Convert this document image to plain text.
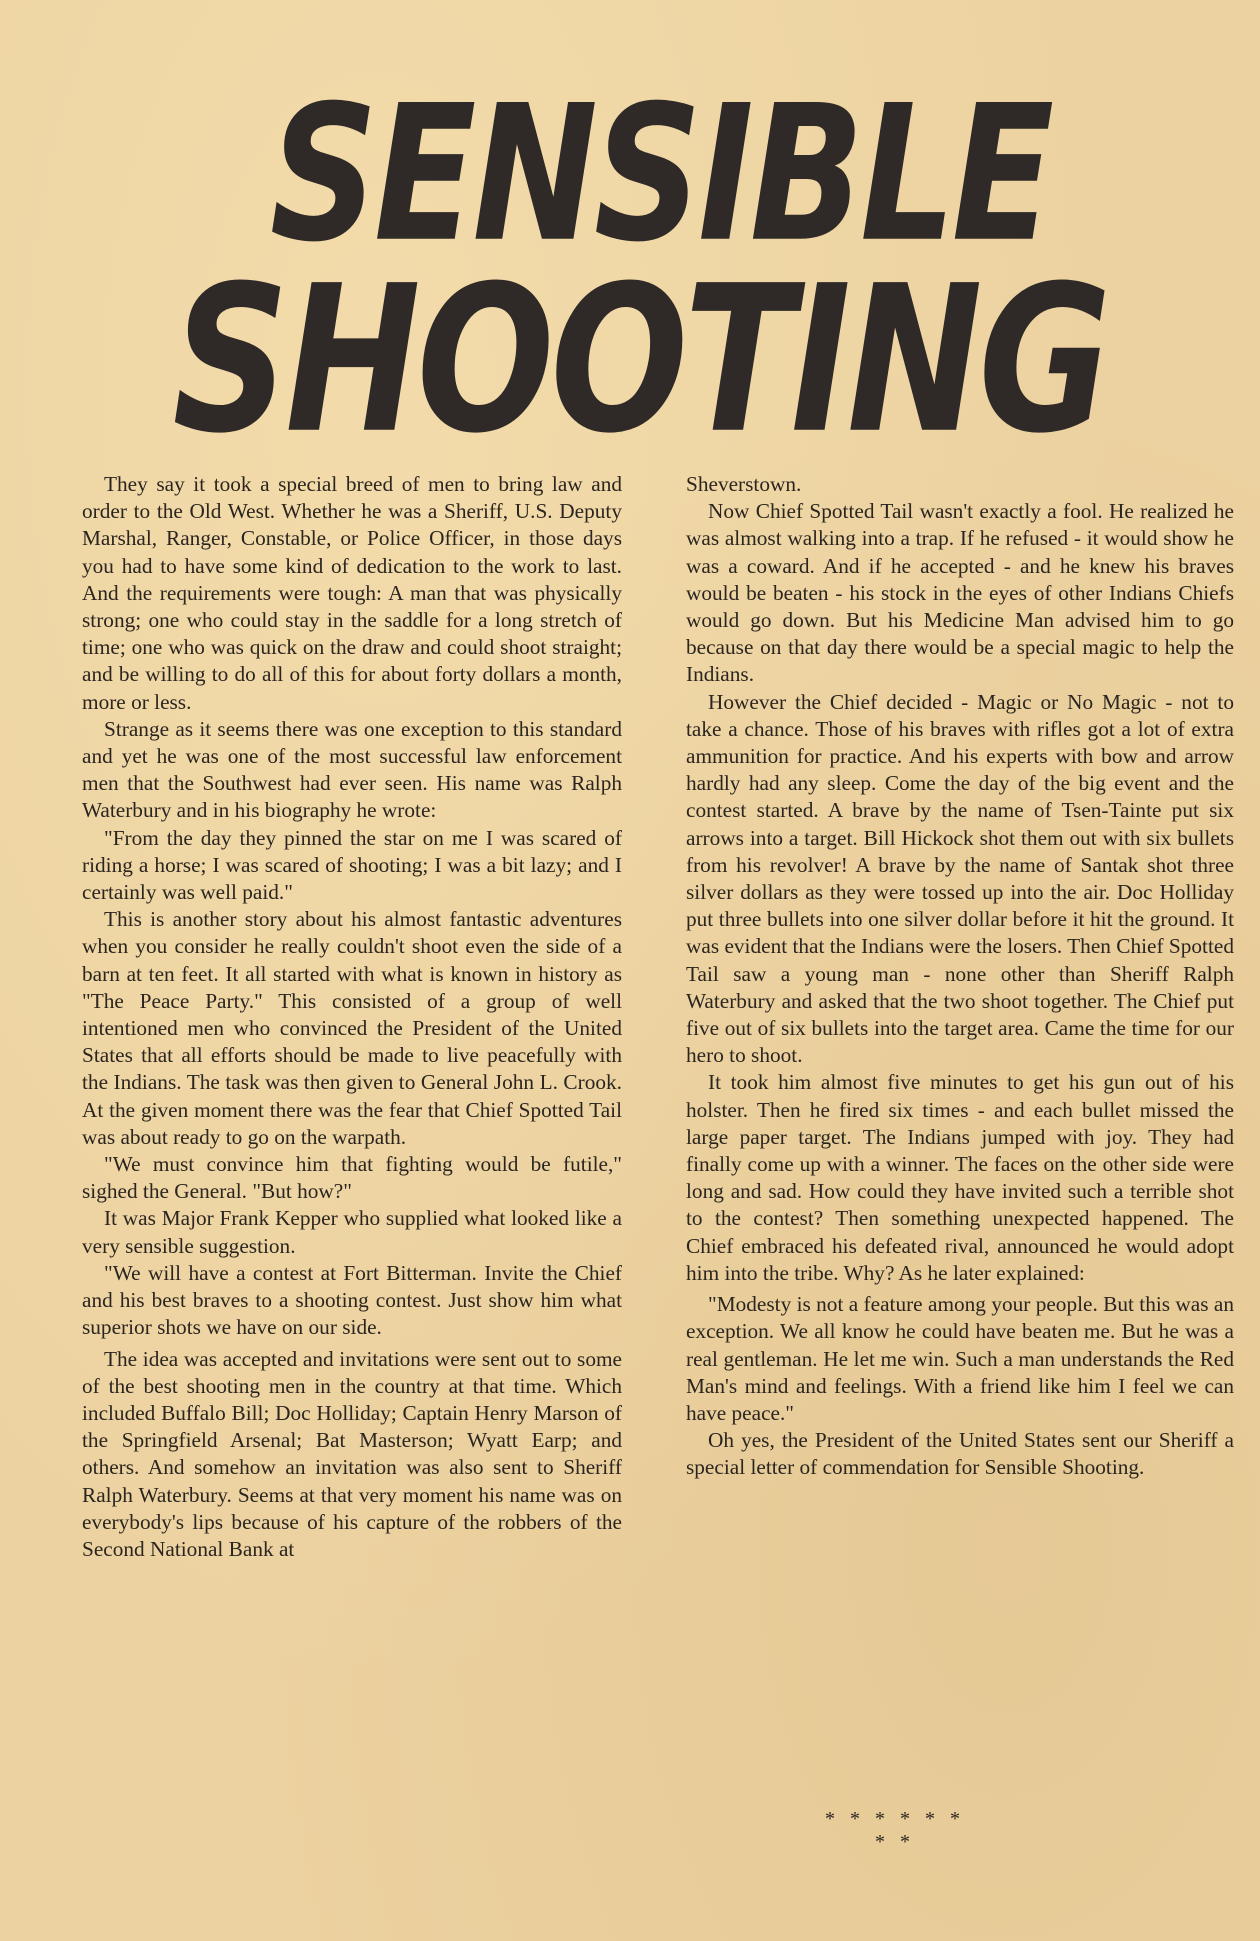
SENSIBLE
SHOOTING

They say it took a special breed of men to bring law and order to the Old West. Whether he was a Sheriff, U.S. Deputy Marshal, Ranger, Constable, or Police Officer, in those days you had to have some kind of dedication to the work to last. And the requirements were tough: A man that was physically strong; one who could stay in the saddle for a long stretch of time; one who was quick on the draw and could shoot straight; and be willing to do all of this for about forty dollars a month, more or less.

Strange as it seems there was one exception to this standard and yet he was one of the most successful law enforcement men that the Southwest had ever seen. His name was Ralph Waterbury and in his biography he wrote:

"From the day they pinned the star on me I was scared of riding a horse; I was scared of shooting; I was a bit lazy; and I certainly was well paid."

This is another story about his almost fantastic adventures when you consider he really couldn't shoot even the side of a barn at ten feet. It all started with what is known in history as "The Peace Party." This consisted of a group of well intentioned men who convinced the President of the United States that all efforts should be made to live peacefully with the Indians. The task was then given to General John L. Crook. At the given moment there was the fear that Chief Spotted Tail was about ready to go on the warpath.

"We must convince him that fighting would be futile," sighed the General. "But how?"

It was Major Frank Kepper who supplied what looked like a very sensible suggestion.

"We will have a contest at Fort Bitterman. Invite the Chief and his best braves to a shooting contest. Just show him what superior shots we have on our side.

The idea was accepted and invitations were sent out to some of the best shooting men in the country at that time. Which included Buffalo Bill; Doc Holliday; Captain Henry Marson of the Springfield Arsenal; Bat Masterson; Wyatt Earp; and others. And somehow an invitation was also sent to Sheriff Ralph Waterbury. Seems at that very moment his name was on everybody's lips because of his capture of the robbers of the Second National Bank at

Sheverstown.

Now Chief Spotted Tail wasn't exactly a fool. He realized he was almost walking into a trap. If he refused - it would show he was a coward. And if he accepted - and he knew his braves would be beaten - his stock in the eyes of other Indians Chiefs would go down. But his Medicine Man advised him to go because on that day there would be a special magic to help the Indians.

However the Chief decided - Magic or No Magic - not to take a chance. Those of his braves with rifles got a lot of extra ammunition for practice. And his experts with bow and arrow hardly had any sleep. Come the day of the big event and the contest started. A brave by the name of Tsen-Tainte put six arrows into a target. Bill Hickock shot them out with six bullets from his revolver! A brave by the name of Santak shot three silver dollars as they were tossed up into the air. Doc Holliday put three bullets into one silver dollar before it hit the ground. It was evident that the Indians were the losers. Then Chief Spotted Tail saw a young man - none other than Sheriff Ralph Waterbury and asked that the two shoot together. The Chief put five out of six bullets into the target area. Came the time for our hero to shoot.

It took him almost five minutes to get his gun out of his holster. Then he fired six times - and each bullet missed the large paper target. The Indians jumped with joy. They had finally come up with a winner. The faces on the other side were long and sad. How could they have invited such a terrible shot to the contest? Then something unexpected happened. The Chief embraced his defeated rival, announced he would adopt him into the tribe. Why? As he later explained:

"Modesty is not a feature among your people. But this was an exception. We all know he could have beaten me. But he was a real gentleman. He let me win. Such a man understands the Red Man's mind and feelings. With a friend like him I feel we can have peace."

Oh yes, the President of the United States sent our Sheriff a special letter of commendation for Sensible Shooting.

* * * * * * * *
